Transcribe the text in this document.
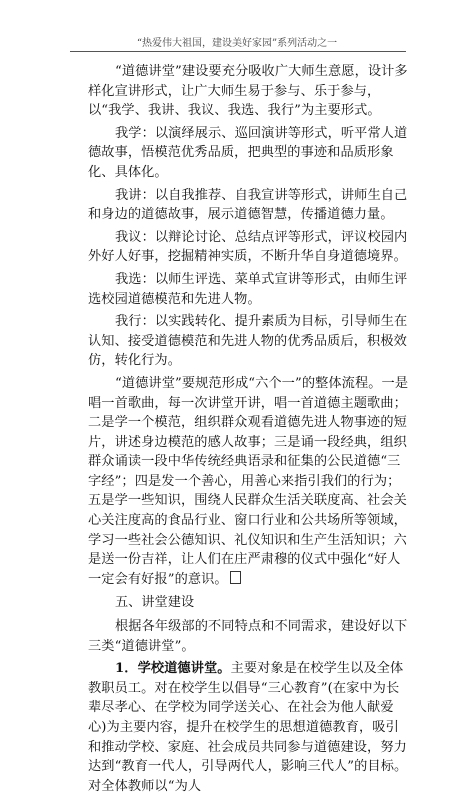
“热爱伟大祖国，建设美好家园”系列活动之一

“道德讲堂”建设要充分吸收广大师生意愿，设计多样化宣讲形式，让广大师生易于参与、乐于参与，以“我学、我讲、我议、我选、我行”为主要形式。

我学：以演绎展示、巡回演讲等形式，听平常人道德故事，悟模范优秀品质，把典型的事迹和品质形象化、具体化。

我讲：以自我推荐、自我宣讲等形式，讲师生自己和身边的道德故事，展示道德智慧，传播道德力量。

我议：以辩论讨论、总结点评等形式，评议校园内外好人好事，挖掘精神实质，不断升华自身道德境界。

我选：以师生评选、菜单式宣讲等形式，由师生评选校园道德模范和先进人物。

我行：以实践转化、提升素质为目标，引导师生在认知、接受道德模范和先进人物的优秀品质后，积极效仿，转化行为。

“道德讲堂”要规范形成“六个一”的整体流程。一是唱一首歌曲，每一次讲堂开讲，唱一首道德主题歌曲；二是学一个模范，组织群众观看道德先进人物事迹的短片，讲述身边模范的感人故事；三是诵一段经典，组织群众诵读一段中华传统经典语录和征集的公民道德“三字经”；四是发一个善心，用善心来指引我们的行为；五是学一些知识，围绕人民群众生活关联度高、社会关心关注度高的食品行业、窗口行业和公共场所等领域，学习一些社会公德知识、礼仪知识和生产生活知识；六是送一份吉祥，让人们在庄严肃穆的仪式中强化“好人一定会有好报”的意识。

五、讲堂建设

根据各年级部的不同特点和不同需求，建设好以下三类“道德讲堂”。

1．学校道德讲堂。主要对象是在校学生以及全体教职员工。对在校学生以倡导“三心教育”(在家中为长辈尽孝心、在学校为同学送关心、在社会为他人献爱心)为主要内容，提升在校学生的思想道德教育，吸引和推动学校、家庭、社会成员共同参与道德建设，努力达到“教育一代人，引导两代人，影响三代人”的目标。对全体教师以“为人
